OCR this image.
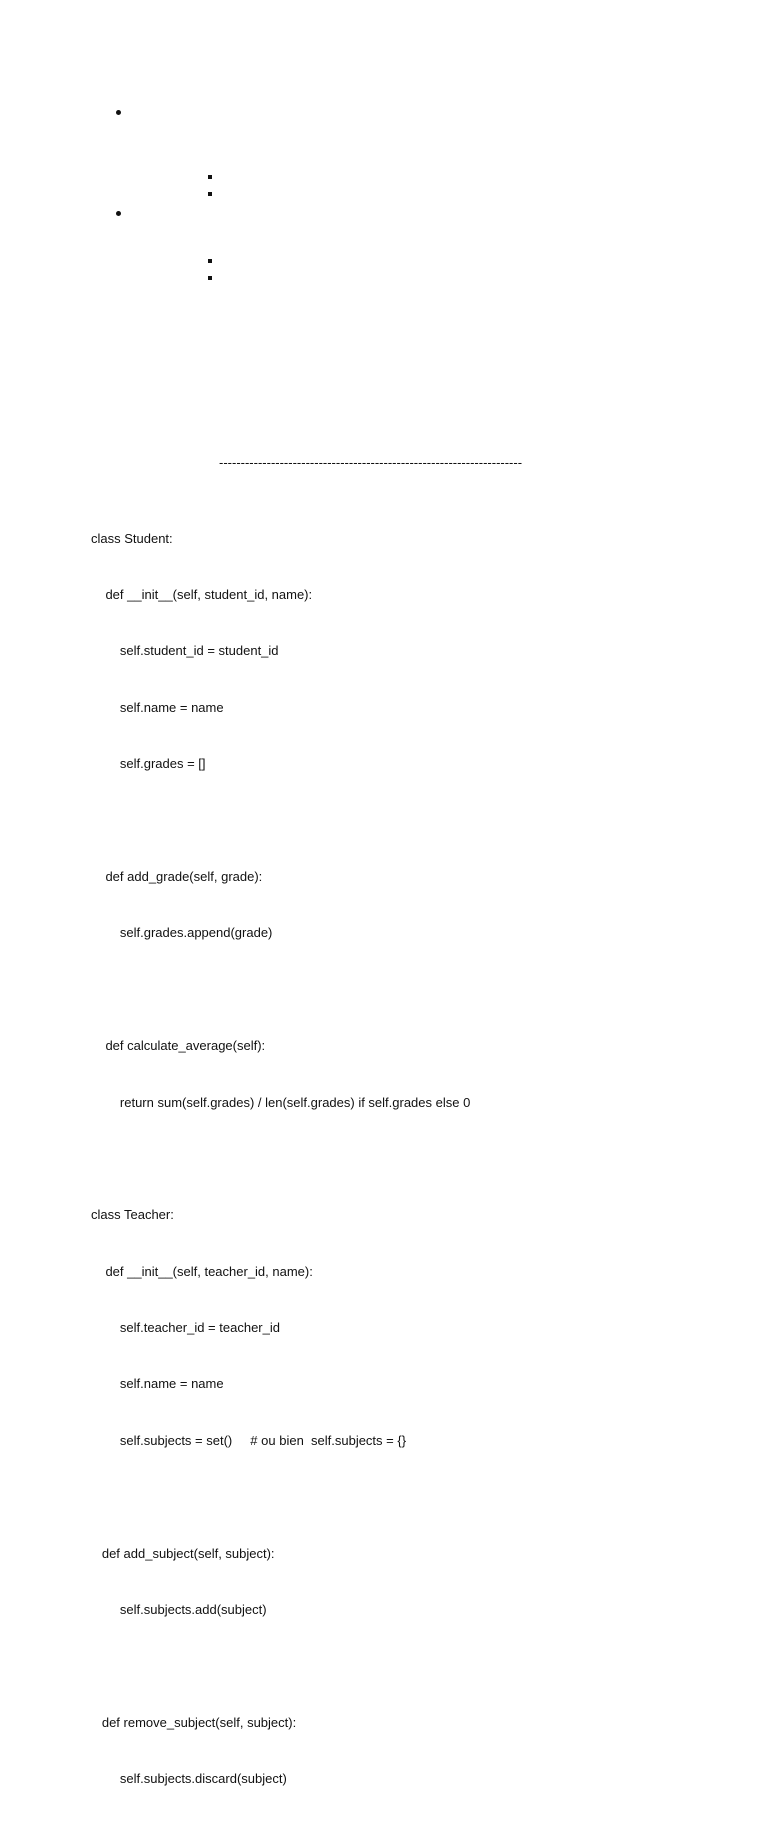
----------------------------------------------------------------------

class Student:

def __init__(self, student_id, name):

self.student_id = student_id

self.name = name

self.grades = []

def add_grade(self, grade):

self.grades.append(grade)

def calculate_average(self):

return sum(self.grades) / len(self.grades) if self.grades else 0

class Teacher:

def __init__(self, teacher_id, name):

self.teacher_id = teacher_id

self.name = name

self.subjects = set()     # ou bien  self.subjects = {}

def add_subject(self, subject):

self.subjects.add(subject)

def remove_subject(self, subject):

self.subjects.discard(subject)
